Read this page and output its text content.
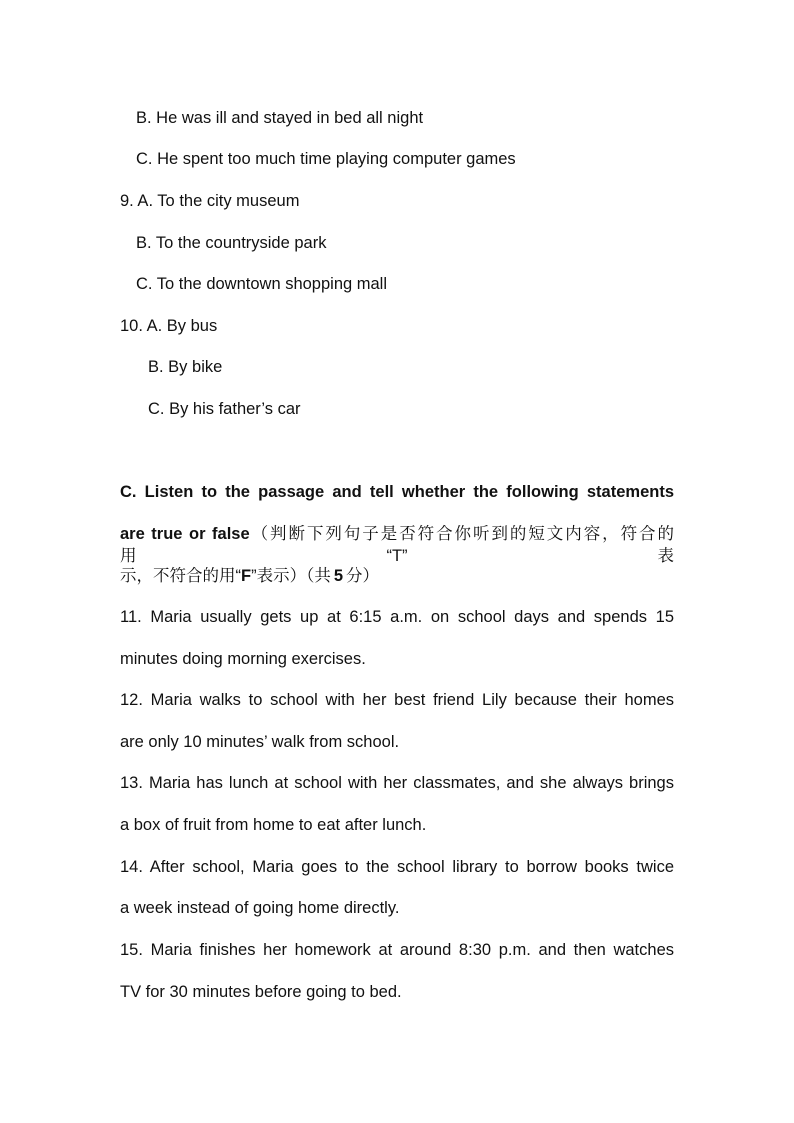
B. He was ill and stayed in bed all night
C. He spent too much time playing computer games
9. A. To the city museum
B. To the countryside park
C. To the downtown shopping mall
10. A. By bus
B. By bike
C. By his father’s car
C. Listen to the passage and tell whether the following statements
are true or false（判断下列句子是否符合你听到的短文内容，符合的用“T”表
示，不符合的用“F”表示）（共 5 分）
11. Maria usually gets up at 6:15 a.m. on school days and spends 15
minutes doing morning exercises.
12. Maria walks to school with her best friend Lily because their homes
are only 10 minutes’ walk from school.
13. Maria has lunch at school with her classmates, and she always brings
a box of fruit from home to eat after lunch.
14. After school, Maria goes to the school library to borrow books twice
a week instead of going home directly.
15. Maria finishes her homework at around 8:30 p.m. and then watches
TV for 30 minutes before going to bed.
